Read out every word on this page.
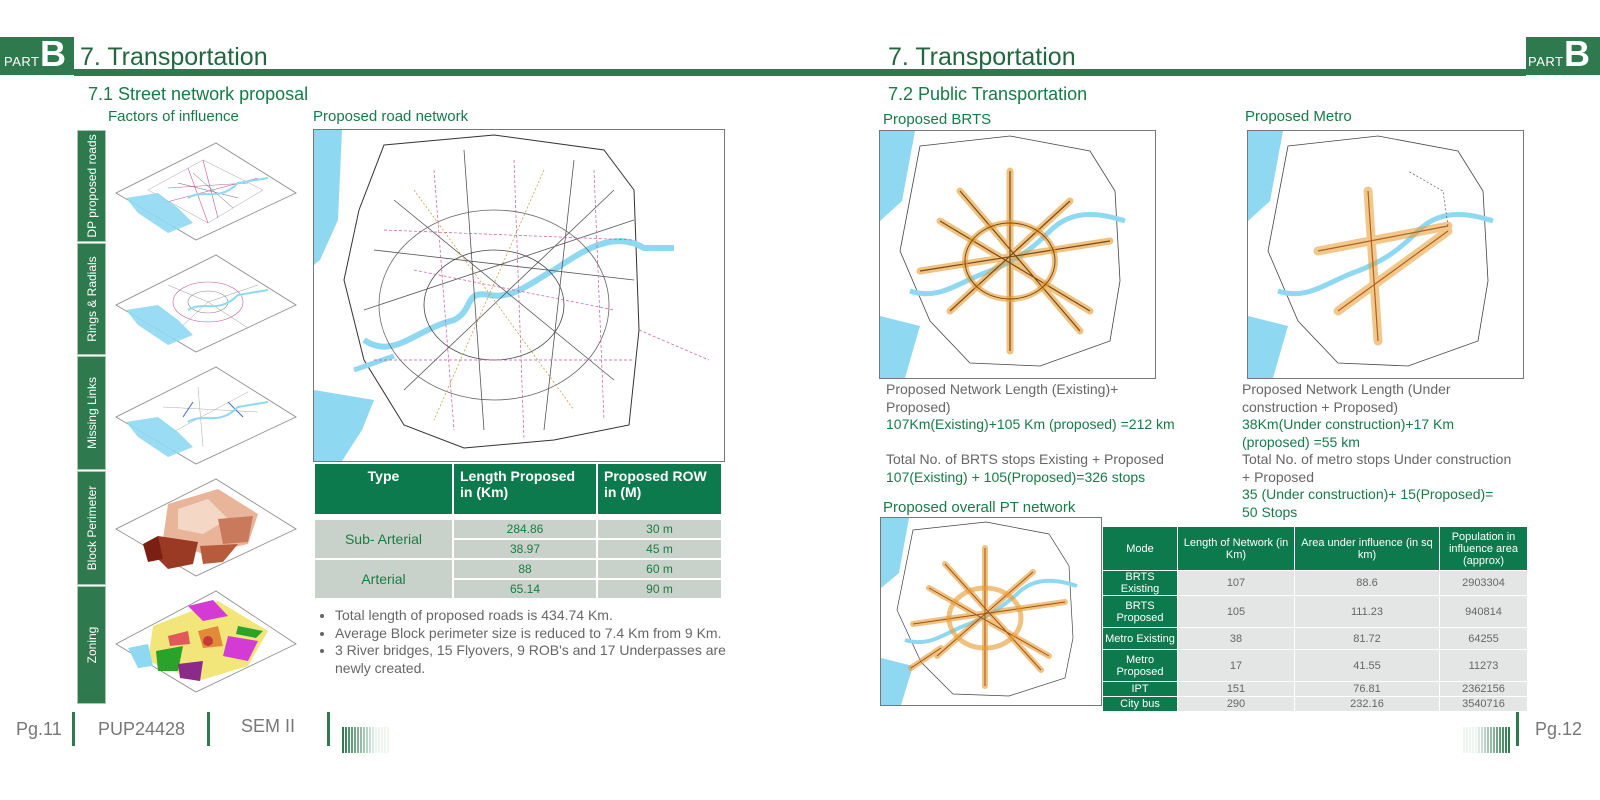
PART B	PART B
7. Transportation	7. Transportation
7.1 Street network proposal
Factors of influence	Proposed road network
DP proposed roads
Rings & Radials
Missing Links
Block Perimeter
Zoning
Type	Length Proposed in (Km)	Proposed ROW in (M)

Sub- Arterial	284.86	30 m
	38.97	45 m
Arterial	88	60 m
	65.14	90 m
• Total length of proposed roads is 434.74 Km.
• Average Block perimeter size is reduced to 7.4 Km from 9 Km.
• 3 River bridges, 15 Flyovers, 9 ROB's and 17 Underpasses are newly created.
7.2 Public Transportation
Proposed BRTS	Proposed Metro
Proposed Network Length (Existing)+ Proposed)
107Km(Existing)+105 Km (proposed) =212 km
Total No. of BRTS stops Existing + Proposed
107(Existing) + 105(Proposed)=326 stops
Proposed Network Length (Under construction + Proposed)
38Km(Under construction)+17 Km (proposed) =55 km
Total No. of metro stops Under construction + Proposed
35 (Under construction)+ 15(Proposed)= 50 Stops
Proposed overall PT network
Mode	Length of Network (in Km)	Area under influence (in sq km)	Population in influence area (approx)
BRTS Existing	107	88.6	2903304
BRTS Proposed	105	111.23	940814
Metro Existing	38	81.72	64255
Metro Proposed	17	41.55	11273
IPT	151	76.81	2362156
City bus	290	232.16	3540716
Pg.11 PUP24428	SEM II	Pg.12
